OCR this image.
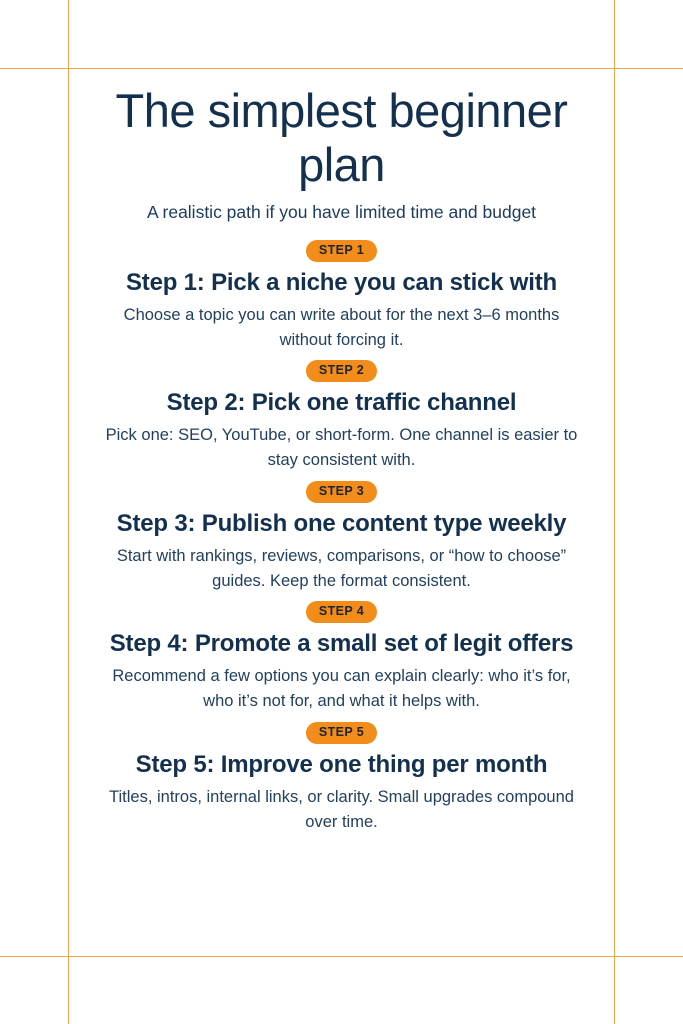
The simplest beginner plan

A realistic path if you have limited time and budget

STEP 1
Step 1: Pick a niche you can stick with

Choose a topic you can write about for the next 3–6 months without forcing it.

STEP 2
Step 2: Pick one traffic channel

Pick one: SEO, YouTube, or short-form. One channel is easier to stay consistent with.

STEP 3
Step 3: Publish one content type weekly

Start with rankings, reviews, comparisons, or “how to choose” guides. Keep the format consistent.

STEP 4
Step 4: Promote a small set of legit offers

Recommend a few options you can explain clearly: who it’s for, who it’s not for, and what it helps with.

STEP 5
Step 5: Improve one thing per month

Titles, intros, internal links, or clarity. Small upgrades compound over time.
